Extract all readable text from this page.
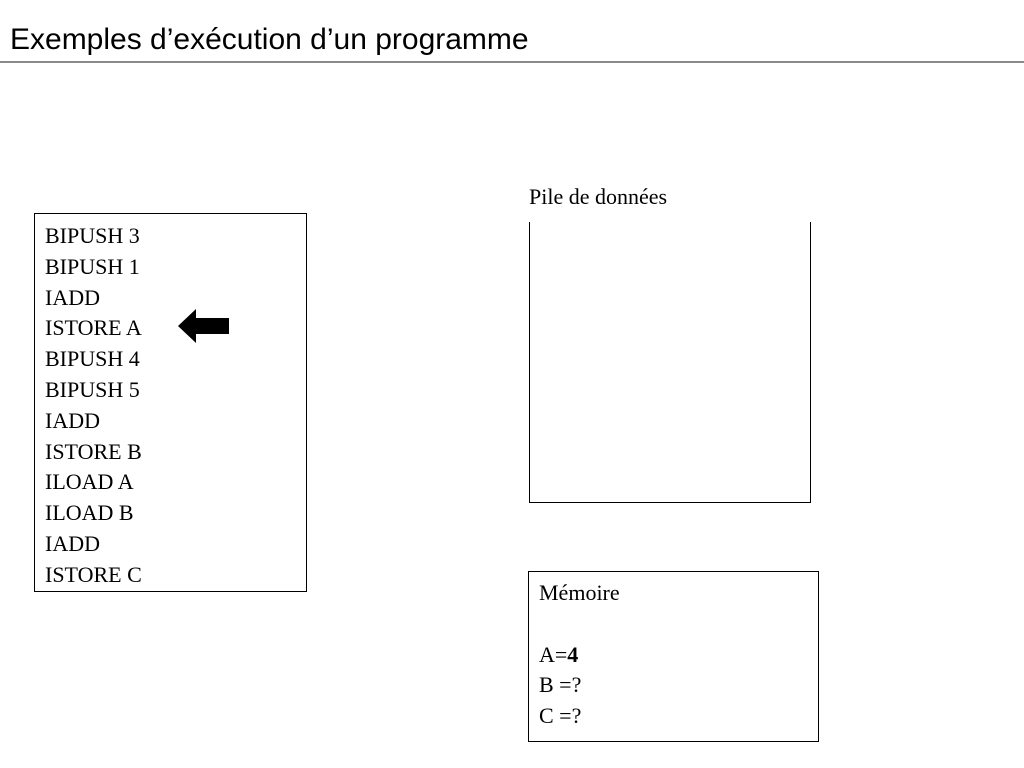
Exemples d’exécution d’un programme
BIPUSH 3
BIPUSH 1
IADD
ISTORE A
BIPUSH 4
BIPUSH 5
IADD
ISTORE B
ILOAD A
ILOAD B
IADD
ISTORE C
Pile de données
Mémoire
A=4
B =?
C =?
